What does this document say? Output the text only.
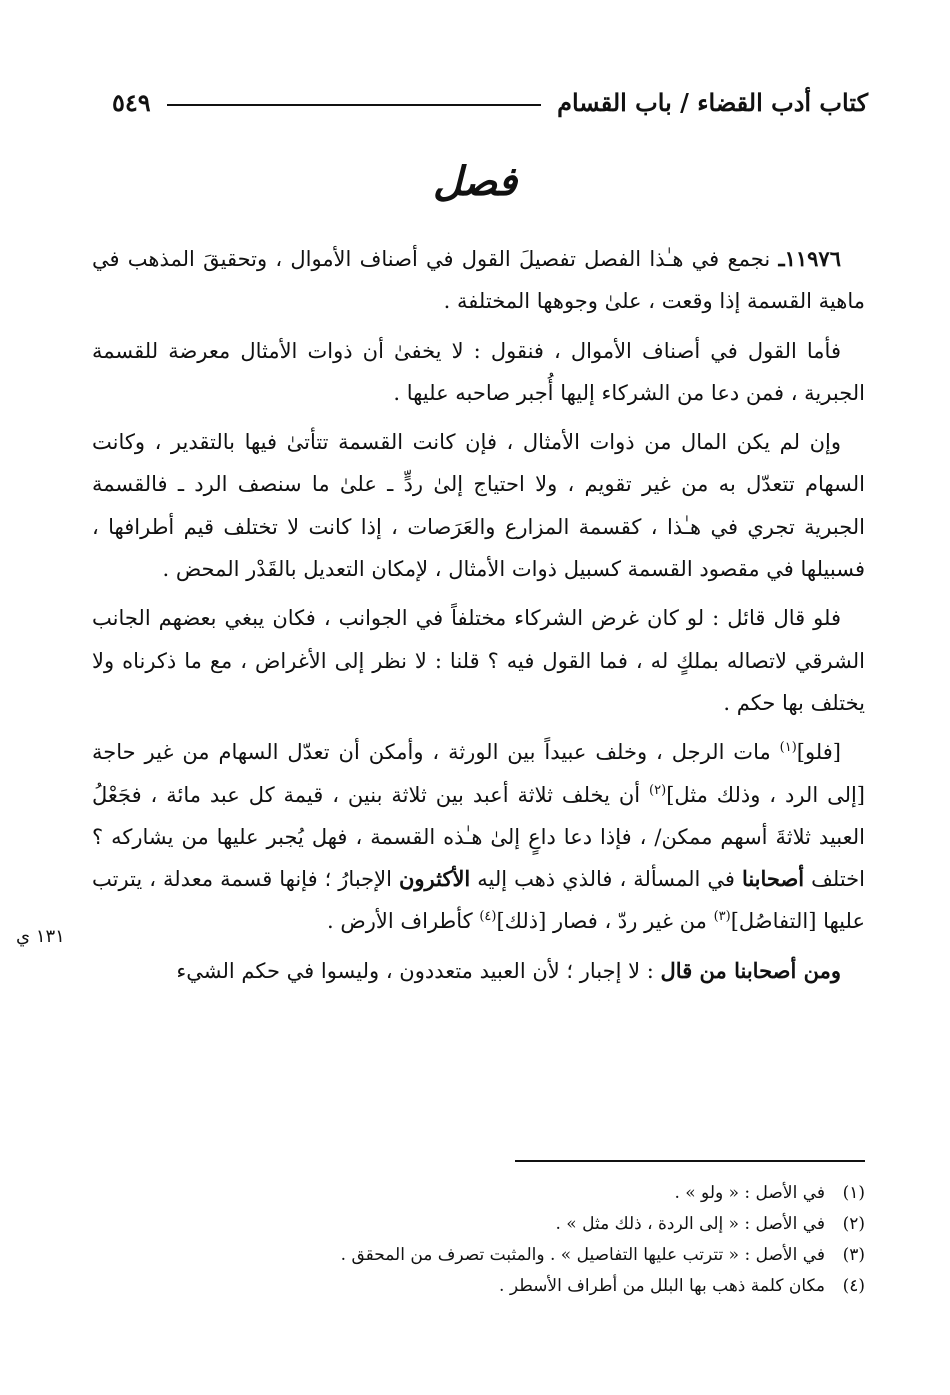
كتاب أدب القضاء / باب القسام
٥٤٩
فصل

١١٩٧٦ـ نجمع في هـٰذا الفصل تفصيلَ القول في أصناف الأموال ، وتحقيقَ المذهب في ماهية القسمة إذا وقعت ، علىٰ وجوهها المختلفة .

فأما القول في أصناف الأموال ، فنقول : لا يخفىٰ أن ذوات الأمثال معرضة للقسمة الجبرية ، فمن دعا من الشركاء إليها أُجبر صاحبه عليها .

وإن لم يكن المال من ذوات الأمثال ، فإن كانت القسمة تتأتىٰ فيها بالتقدير ، وكانت السهام تتعدّل به من غير تقويم ، ولا احتياج إلىٰ ردٍّ ـ علىٰ ما سنصف الرد ـ فالقسمة الجبرية تجري في هـٰذا ، كقسمة المزارع والعَرَصات ، إذا كانت لا تختلف قيم أطرافها ، فسبيلها في مقصود القسمة كسبيل ذوات الأمثال ، لإمكان التعديل بالقَدْر المحض .

فلو قال قائل : لو كان غرض الشركاء مختلفاً في الجوانب ، فكان يبغي بعضهم الجانب الشرقي لاتصاله بملكٍ له ، فما القول فيه ؟ قلنا : لا نظر إلى الأغراض ، مع ما ذكرناه ولا يختلف بها حكم .

[فلو]$^{(١)}$ مات الرجل ، وخلف عبيداً بين الورثة ، وأمكن أن تعدّل السهام من غير حاجة [إلى الرد ، وذلك مثل]$^{(٢)}$ أن يخلف ثلاثة أعبد بين ثلاثة بنين ، قيمة كل عبد مائة ، فجَعْلُ العبيد ثلاثةَ أسهم ممكن/ ، فإذا دعا داعٍ إلىٰ هـٰذه القسمة ، فهل يُجبر عليها من يشاركه ؟ اختلف أصحابنا في المسألة ، فالذي ذهب إليه الأكثرون الإجبارُ ؛ فإنها قسمة معدلة ، يترتب عليها [التفاصُل]$^{(٣)}$ من غير ردّ ، فصار [ذلك]$^{(٤)}$ كأطراف الأرض .

ومن أصحابنا من قال : لا إجبار ؛ لأن العبيد متعددون ، وليسوا في حكم الشيء

١٣١ ي
(١)
في الأصل : « ولو » .
(٢)
في الأصل : « إلى الردة ، ذلك مثل » .
(٣)
في الأصل : « تترتب عليها التفاصيل » . والمثبت تصرف من المحقق .
(٤)
مكان كلمة ذهب بها البلل من أطراف الأسطر .
